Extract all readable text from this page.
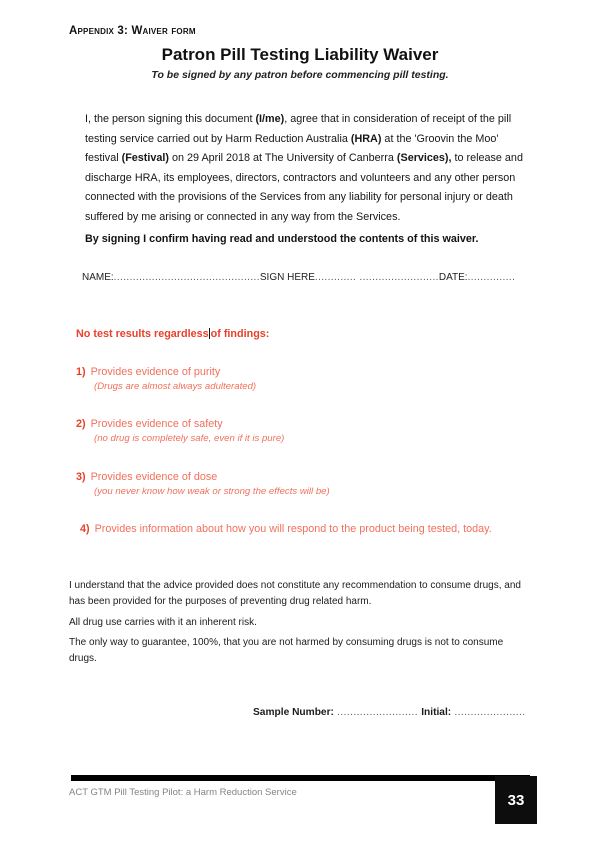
Appendix 3: Waiver form
Patron Pill Testing Liability Waiver
To be signed by any patron before commencing pill testing.
I, the person signing this document (I/me), agree that in consideration of receipt of the pill testing service carried out by Harm Reduction Australia (HRA) at the 'Groovin the Moo' festival (Festival) on 29 April 2018 at The University of Canberra (Services), to release and discharge HRA, its employees, directors, contractors and volunteers and any other person connected with the provisions of the Services from any liability for personal injury or death suffered by me arising or connected in any way from the Services.
By signing I confirm having read and understood the contents of this waiver.
NAME:..............................................SIGN HERE............. .........................DATE:...............
No test results regardless of findings:
1) Provides evidence of purity
(Drugs are almost always adulterated)
2) Provides evidence of safety
(no drug is completely safe, even if it is pure)
3) Provides evidence of dose
(you never know how weak or strong the effects will be)
4) Provides information about how you will respond to the product being tested, today.
I understand that the advice provided does not constitute any recommendation to consume drugs, and has been provided for the purposes of preventing drug related harm.
All drug use carries with it an inherent risk.
The only way to guarantee, 100%, that you are not harmed by consuming drugs is not to consume drugs.
Sample Number: ......................... Initial: ......................
ACT GTM Pill Testing Pilot: a Harm Reduction Service	33
